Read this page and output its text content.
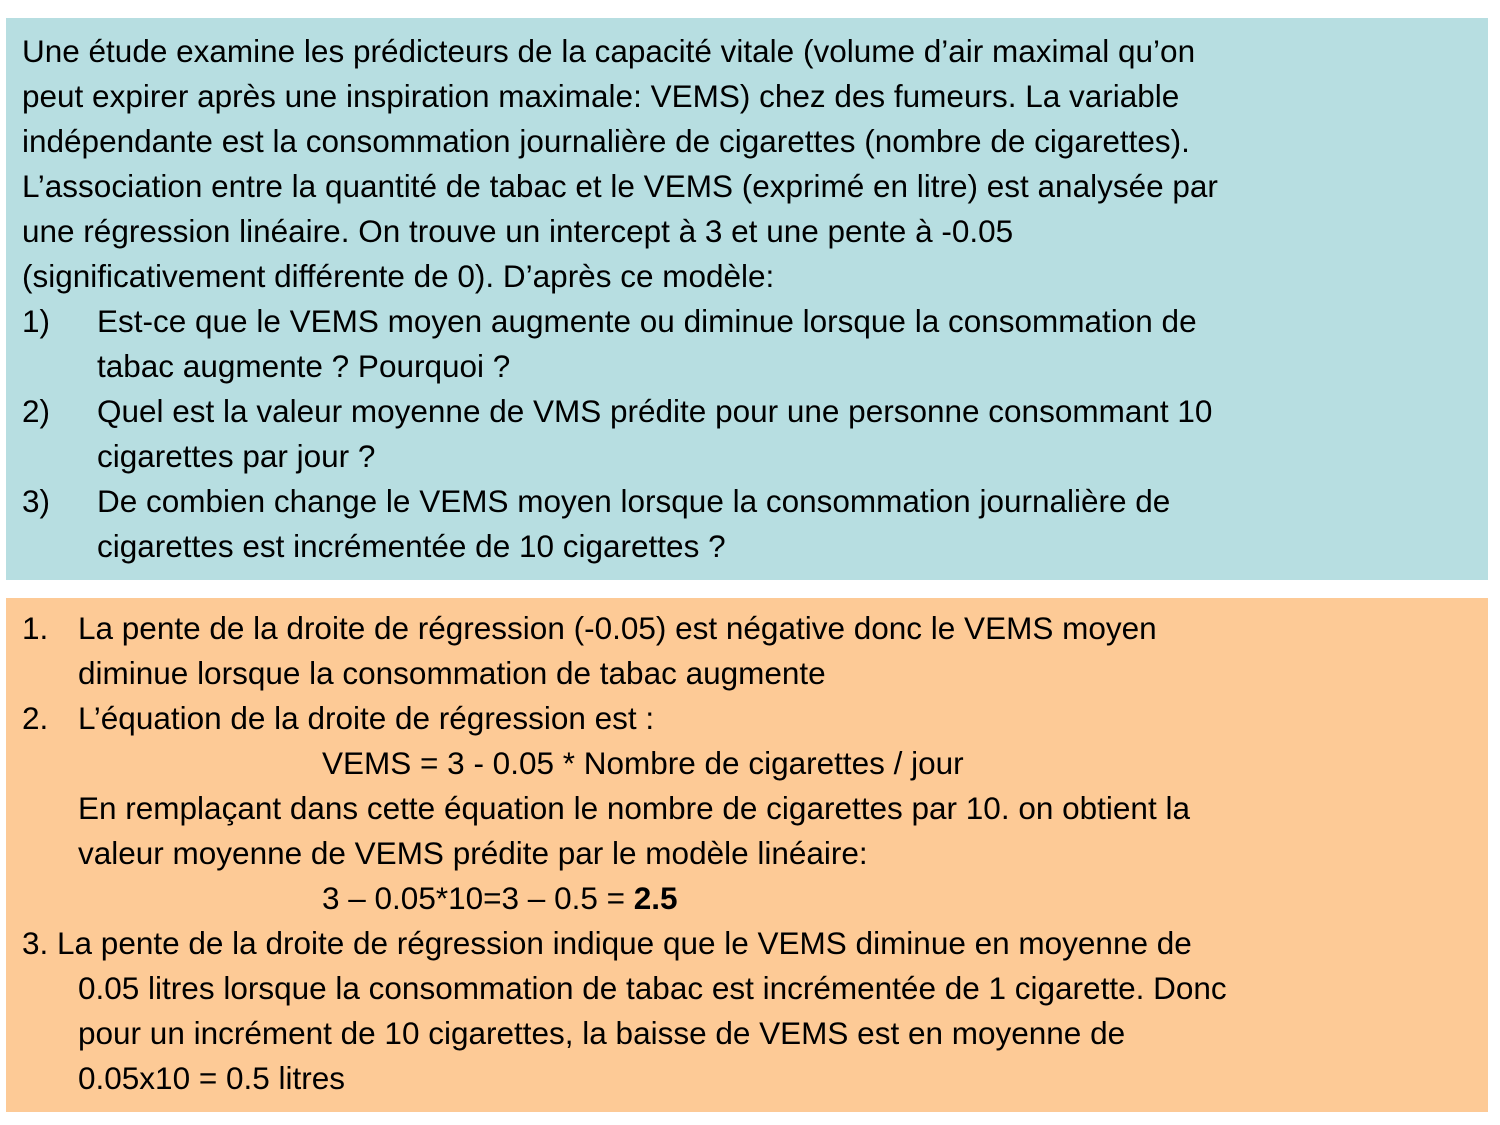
Une étude examine les prédicteurs de la capacité vitale (volume d’air maximal qu’on
peut expirer après une inspiration maximale: VEMS) chez des fumeurs. La variable
indépendante est la consommation journalière de cigarettes (nombre de cigarettes).
L’association entre la quantité de tabac et le VEMS (exprimé en litre) est analysée par
une régression linéaire. On trouve un intercept à 3 et une pente à -0.05
(significativement différente de 0). D’après ce modèle:
1) Est-ce que le VEMS moyen augmente ou diminue lorsque la consommation de
tabac augmente ? Pourquoi ?
2) Quel est la valeur moyenne de VMS prédite pour une personne consommant 10
cigarettes par jour ?
3) De combien change le VEMS moyen lorsque la consommation journalière de
cigarettes est incrémentée de 10 cigarettes ?
1. La pente de la droite de régression (-0.05) est négative donc le VEMS moyen
diminue lorsque la consommation de tabac augmente
2. L’équation de la droite de régression est :
VEMS = 3 - 0.05 * Nombre de cigarettes / jour
En remplaçant dans cette équation le nombre de cigarettes par 10. on obtient la
valeur moyenne de VEMS prédite par le modèle linéaire:
3 – 0.05*10=3 – 0.5 = 2.5
3. La pente de la droite de régression indique que le VEMS diminue en moyenne de
0.05 litres lorsque la consommation de tabac est incrémentée de 1 cigarette. Donc
pour un incrément de 10 cigarettes, la baisse de VEMS est en moyenne de
0.05x10 = 0.5 litres
